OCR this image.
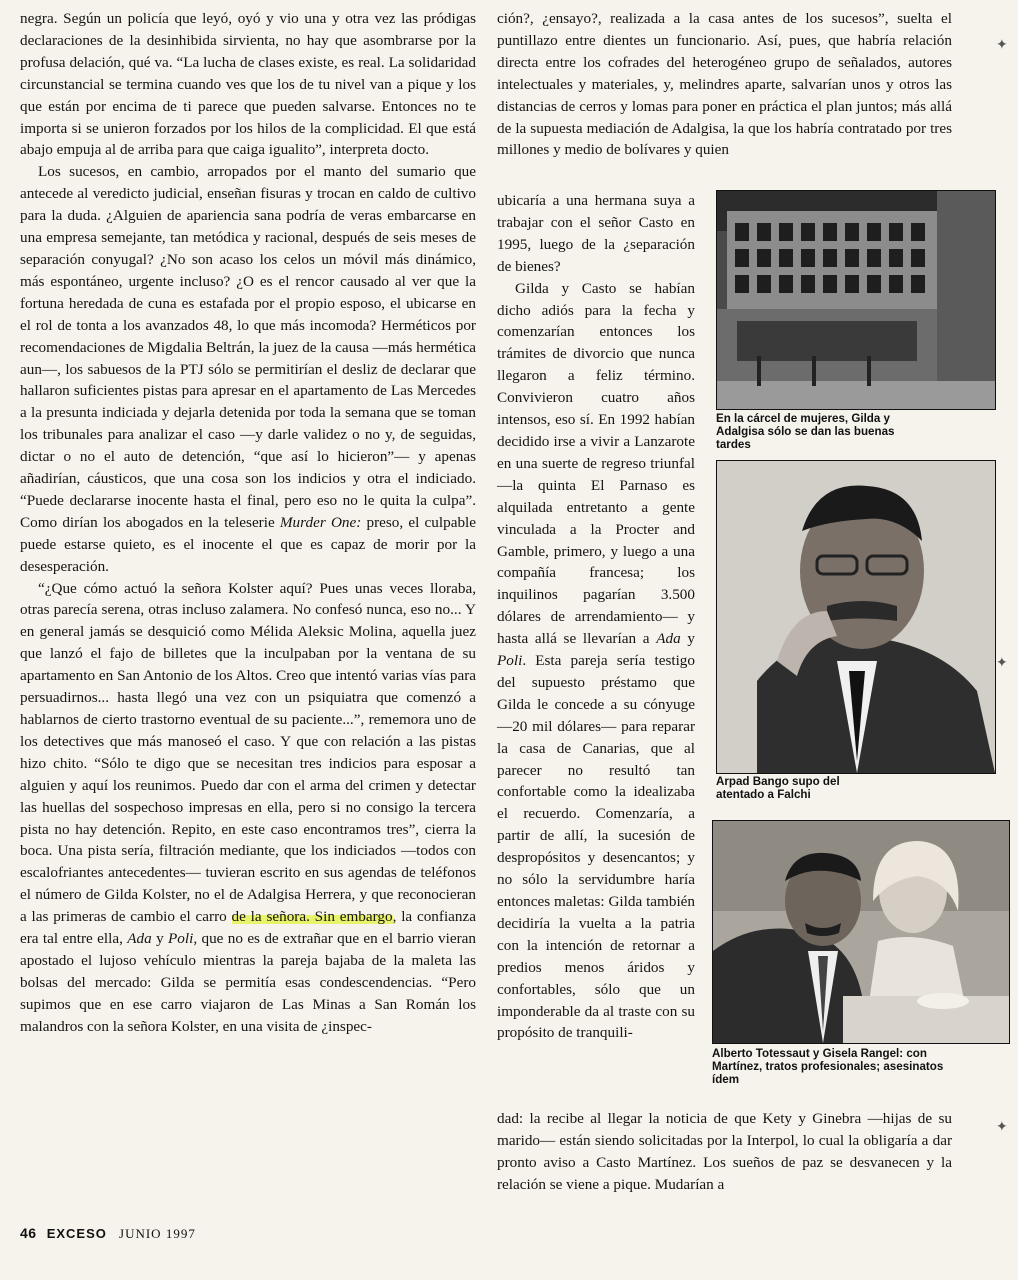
negra. Según un policía que leyó, oyó y vio una y otra vez las pródigas declaraciones de la desinhibida sirvienta, no hay que asombrarse por la profusa delación, qué va. “La lucha de clases existe, es real. La solidaridad circunstancial se termina cuando ves que los de tu nivel van a pique y los que están por encima de ti parece que pueden salvarse. Entonces no te importa si se unieron forzados por los hilos de la complicidad. El que está abajo empuja al de arriba para que caiga igualito”, interpreta docto.

Los sucesos, en cambio, arropados por el manto del sumario que antecede al veredicto judicial, enseñan fisuras y trocan en caldo de cultivo para la duda. ¿Alguien de apariencia sana podría de veras embarcarse en una empresa semejante, tan metódica y racional, después de seis meses de separación conyugal? ¿No son acaso los celos un móvil más dinámico, más espontáneo, urgente incluso? ¿O es el rencor causado al ver que la fortuna heredada de cuna es estafada por el propio esposo, el ubicarse en el rol de tonta a los avanzados 48, lo que más incomoda? Herméticos por recomendaciones de Migdalia Beltrán, la juez de la causa —más hermética aun—, los sabuesos de la PTJ sólo se permitirían el desliz de declarar que hallaron suficientes pistas para apresar en el apartamento de Las Mercedes a la presunta indiciada y dejarla detenida por toda la semana que se toman los tribunales para analizar el caso —y darle validez o no y, de seguidas, dictar o no el auto de detención, “que así lo hicieron”— y apenas añadirían, cáusticos, que una cosa son los indicios y otra el indiciado. “Puede declararse inocente hasta el final, pero eso no le quita la culpa”. Como dirían los abogados en la teleserie Murder One: preso, el culpable puede estarse quieto, es el inocente el que es capaz de morir por la desesperación.

“¿Que cómo actuó la señora Kolster aquí? Pues unas veces lloraba, otras parecía serena, otras incluso zalamera. No confesó nunca, eso no... Y en general jamás se desquició como Mélida Aleksic Molina, aquella juez que lanzó el fajo de billetes que la inculpaban por la ventana de su apartamento en San Antonio de los Altos. Creo que intentó varias vías para persuadirnos... hasta llegó una vez con un psiquiatra que comenzó a hablarnos de cierto trastorno eventual de su paciente...”, rememora uno de los detectives que más manoseó el caso. Y que con relación a las pistas hizo chito. “Sólo te digo que se necesitan tres indicios para esposar a alguien y aquí los reunimos. Puedo dar con el arma del crimen y detectar las huellas del sospechoso impresas en ella, pero si no consigo la tercera pista no hay detención. Repito, en este caso encontramos tres”, cierra la boca. Una pista sería, filtración mediante, que los indiciados —todos con escalofriantes antecedentes— tuvieran escrito en sus agendas de teléfonos el número de Gilda Kolster, no el de Adalgisa Herrera, y que reconocieran a las primeras de cambio el carro de la señora. Sin embargo, la confianza era tal entre ella, Ada y Poli, que no es de extrañar que en el barrio vieran apostado el lujoso vehículo mientras la pareja bajaba de la maleta las bolsas del mercado: Gilda se permitía esas condescendencias. “Pero supimos que en ese carro viajaron de Las Minas a San Román los malandros con la señora Kolster, en una visita de ¿inspec-

ción?, ¿ensayo?, realizada a la casa antes de los sucesos”, suelta el puntillazo entre dientes un funcionario. Así, pues, que habría relación directa entre los cofrades del heterogéneo grupo de señalados, autores intelectuales y materiales, y, melindres aparte, salvarían unos y otros las distancias de cerros y lomas para poner en práctica el plan juntos; más allá de la supuesta mediación de Adalgisa, la que los habría contratado por tres millones y medio de bolívares y quien

ubicaría a una hermana suya a trabajar con el señor Casto en 1995, luego de la ¿separación de bienes?

Gilda y Casto se habían dicho adiós para la fecha y comenzarían entonces los trámites de divorcio que nunca llegaron a feliz término. Convivieron cuatro años intensos, eso sí. En 1992 habían decidido irse a vivir a Lanzarote en una suerte de regreso triunfal —la quinta El Parnaso es alquilada entretanto a gente vinculada a la Procter and Gamble, primero, y luego a una compañía francesa; los inquilinos pagarían 3.500 dólares de arrendamiento— y hasta allá se llevarían a Ada y Poli. Esta pareja sería testigo del supuesto préstamo que Gilda le concede a su cónyuge —20 mil dólares— para reparar la casa de Canarias, que al parecer no resultó tan confortable como la idealizaba el recuerdo. Comenzaría, a partir de allí, la sucesión de despropósitos y desencantos; y no sólo la servidumbre haría entonces maletas: Gilda también decidiría la vuelta a la patria con la intención de retornar a predios menos áridos y confortables, sólo que un imponderable da al traste con su propósito de tranquili-

dad: la recibe al llegar la noticia de que Kety y Ginebra —hijas de su marido— están siendo solicitadas por la Interpol, lo cual la obligaría a dar pronto aviso a Casto Martínez. Los sueños de paz se desvanecen y la relación se viene a pique. Mudarían a

En la cárcel de mujeres, Gilda y Adalgisa sólo se dan las buenas tardes
Arpad Bango supo del atentado a Falchi
Alberto Totessaut y Gisela Rangel: con Martínez, tratos profesionales; asesinatos ídem
46 EXCESO JUNIO 1997
✦
✦
✦
